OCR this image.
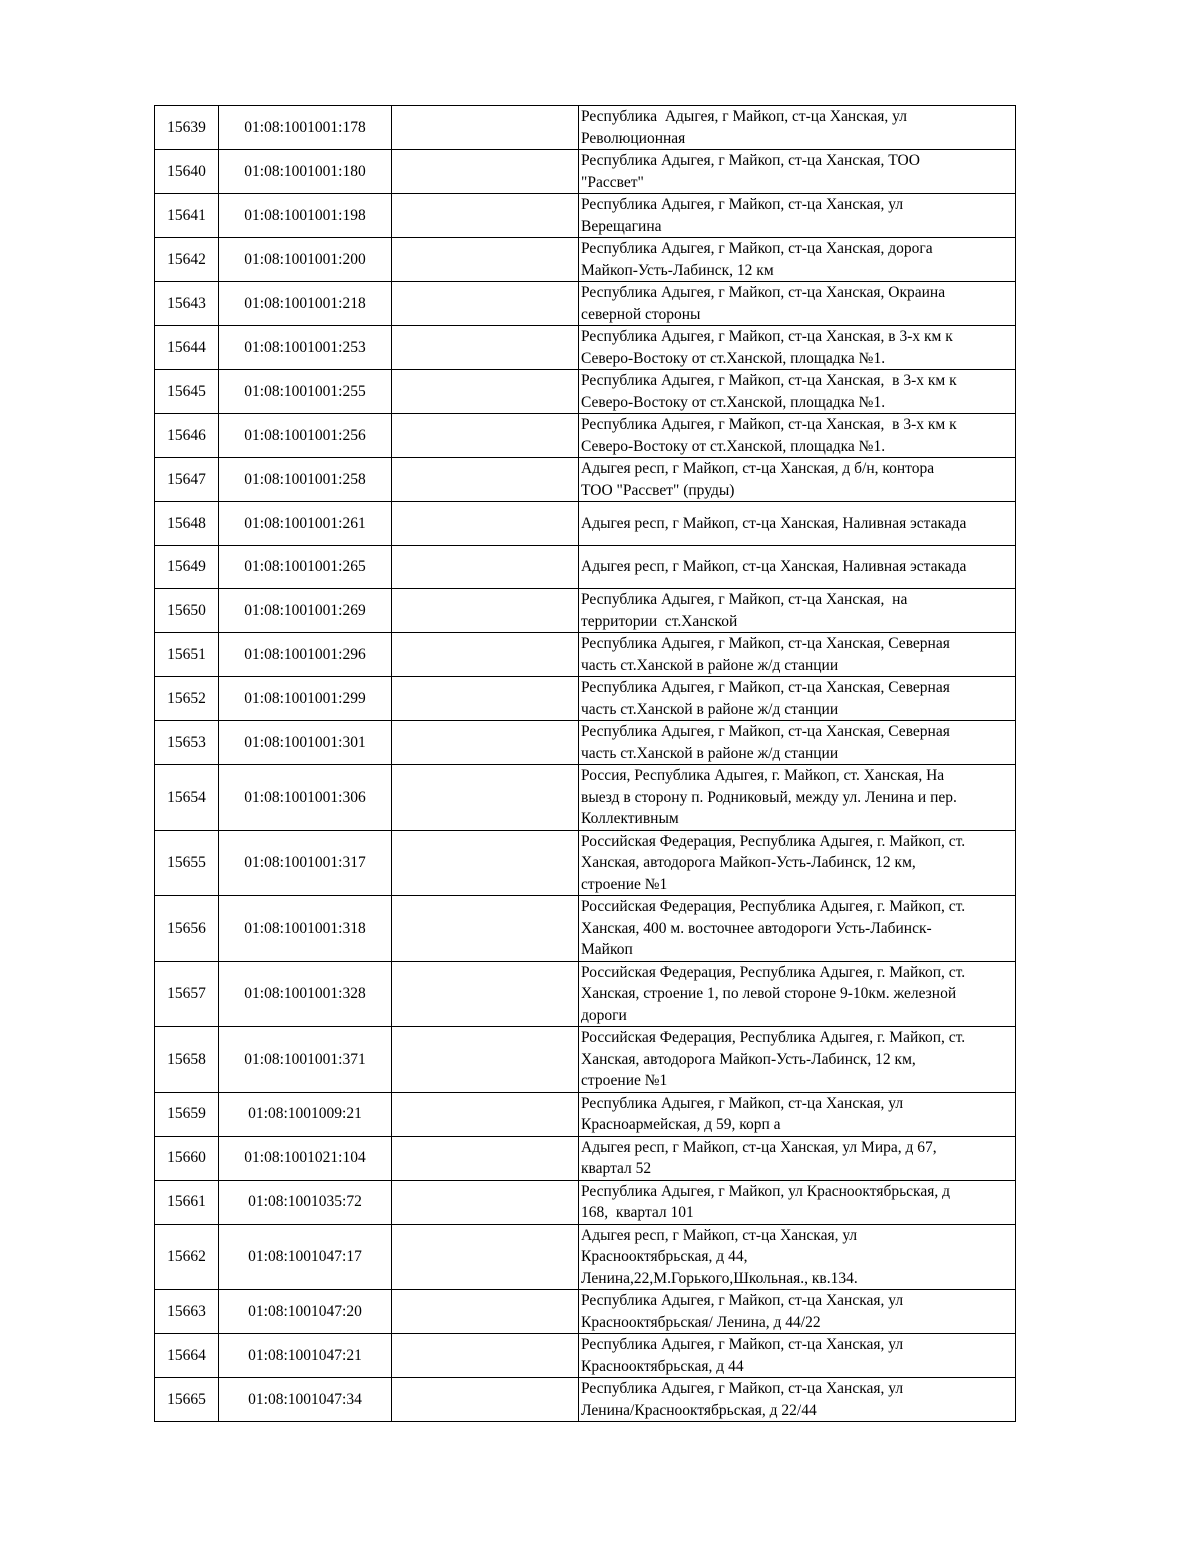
15639	01:08:1001001:178		Республика  Адыгея, г Майкоп, ст-ца Ханская, ул
Революционная

15640	01:08:1001001:180		Республика Адыгея, г Майкоп, ст-ца Ханская, ТОО
"Рассвет"

15641	01:08:1001001:198		Республика Адыгея, г Майкоп, ст-ца Ханская, ул
Верещагина

15642	01:08:1001001:200		Республика Адыгея, г Майкоп, ст-ца Ханская, дорога
Майкоп-Усть-Лабинск, 12 км

15643	01:08:1001001:218		Республика Адыгея, г Майкоп, ст-ца Ханская, Окраина
северной стороны

15644	01:08:1001001:253		Республика Адыгея, г Майкоп, ст-ца Ханская, в 3-х км к
Северо-Востоку от ст.Ханской, площадка №1.

15645	01:08:1001001:255		Республика Адыгея, г Майкоп, ст-ца Ханская,  в 3-х км к
Северо-Востоку от ст.Ханской, площадка №1.

15646	01:08:1001001:256		Республика Адыгея, г Майкоп, ст-ца Ханская,  в 3-х км к
Северо-Востоку от ст.Ханской, площадка №1.

15647	01:08:1001001:258		Адыгея респ, г Майкоп, ст-ца Ханская, д б/н, контора
ТОО "Рассвет" (пруды)

15648	01:08:1001001:261		Адыгея респ, г Майкоп, ст-ца Ханская, Наливная эстакада

15649	01:08:1001001:265		Адыгея респ, г Майкоп, ст-ца Ханская, Наливная эстакада

15650	01:08:1001001:269		Республика Адыгея, г Майкоп, ст-ца Ханская,  на
территории  ст.Ханской

15651	01:08:1001001:296		Республика Адыгея, г Майкоп, ст-ца Ханская, Северная
часть ст.Ханской в районе ж/д станции

15652	01:08:1001001:299		Республика Адыгея, г Майкоп, ст-ца Ханская, Северная
часть ст.Ханской в районе ж/д станции

15653	01:08:1001001:301		Республика Адыгея, г Майкоп, ст-ца Ханская, Северная
часть ст.Ханской в районе ж/д станции

15654	01:08:1001001:306		Россия, Республика Адыгея, г. Майкоп, ст. Ханская, На
выезд в сторону п. Родниковый, между ул. Ленина и пер.
Коллективным

15655	01:08:1001001:317		Российская Федерация, Республика Адыгея, г. Майкоп, ст.
Ханская, автодорога Майкоп-Усть-Лабинск, 12 км,
строение №1

15656	01:08:1001001:318		Российская Федерация, Республика Адыгея, г. Майкоп, ст.
Ханская, 400 м. восточнее автодороги Усть-Лабинск-
Майкоп

15657	01:08:1001001:328		Российская Федерация, Республика Адыгея, г. Майкоп, ст.
Ханская, строение 1, по левой стороне 9-10км. железной
дороги

15658	01:08:1001001:371		Российская Федерация, Республика Адыгея, г. Майкоп, ст.
Ханская, автодорога Майкоп-Усть-Лабинск, 12 км,
строение №1

15659	01:08:1001009:21		Республика Адыгея, г Майкоп, ст-ца Ханская, ул
Красноармейская, д 59, корп а

15660	01:08:1001021:104		Адыгея респ, г Майкоп, ст-ца Ханская, ул Мира, д 67,
квартал 52

15661	01:08:1001035:72		Республика Адыгея, г Майкоп, ул Краснооктябрьская, д
168,  квартал 101

15662	01:08:1001047:17		Адыгея респ, г Майкоп, ст-ца Ханская, ул
Краснооктябрьская, д 44,
Ленина,22,М.Горького,Школьная., кв.134.

15663	01:08:1001047:20		Республика Адыгея, г Майкоп, ст-ца Ханская, ул
Краснооктябрьская/ Ленина, д 44/22

15664	01:08:1001047:21		Республика Адыгея, г Майкоп, ст-ца Ханская, ул
Краснооктябрьская, д 44

15665	01:08:1001047:34		Республика Адыгея, г Майкоп, ст-ца Ханская, ул
Ленина/Краснооктябрьская, д 22/44
